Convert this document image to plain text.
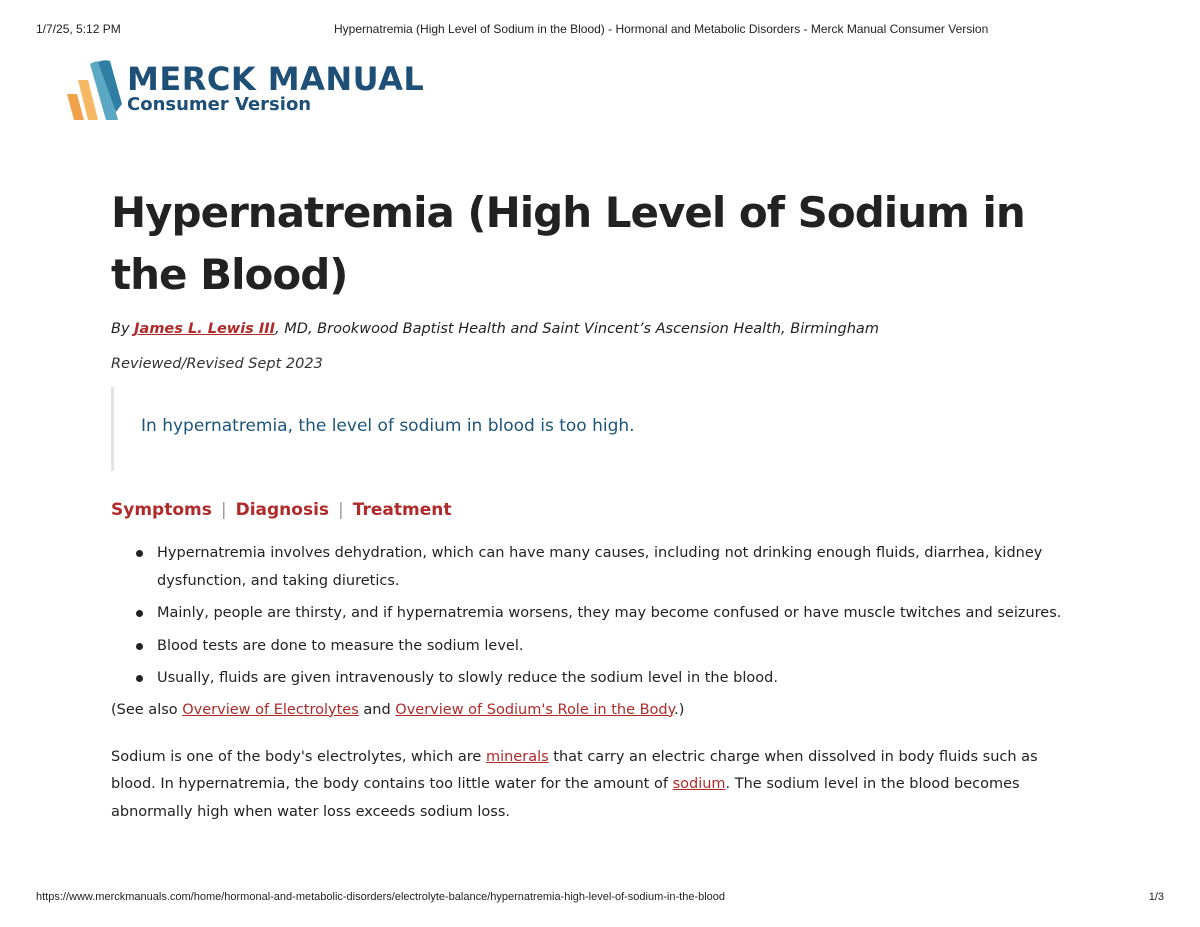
1/7/25, 5:12 PM	Hypernatremia (High Level of Sodium in the Blood) - Hormonal and Metabolic Disorders - Merck Manual Consumer Version
MERCK MANUAL
Consumer Version
Hypernatremia (High Level of Sodium in the Blood)
By James L. Lewis III, MD, Brookwood Baptist Health and Saint Vincent’s Ascension Health, Birmingham
Reviewed/Revised Sept 2023
In hypernatremia, the level of sodium in blood is too high.
Symptoms | Diagnosis | Treatment
Hypernatremia involves dehydration, which can have many causes, including not drinking enough fluids, diarrhea, kidney dysfunction, and taking diuretics.
Mainly, people are thirsty, and if hypernatremia worsens, they may become confused or have muscle twitches and seizures.
Blood tests are done to measure the sodium level.
Usually, fluids are given intravenously to slowly reduce the sodium level in the blood.
(See also Overview of Electrolytes and Overview of Sodium's Role in the Body.)
Sodium is one of the body's electrolytes, which are minerals that carry an electric charge when dissolved in body fluids such as blood. In hypernatremia, the body contains too little water for the amount of sodium. The sodium level in the blood becomes abnormally high when water loss exceeds sodium loss.
https://www.merckmanuals.com/home/hormonal-and-metabolic-disorders/electrolyte-balance/hypernatremia-high-level-of-sodium-in-the-blood	1/3
